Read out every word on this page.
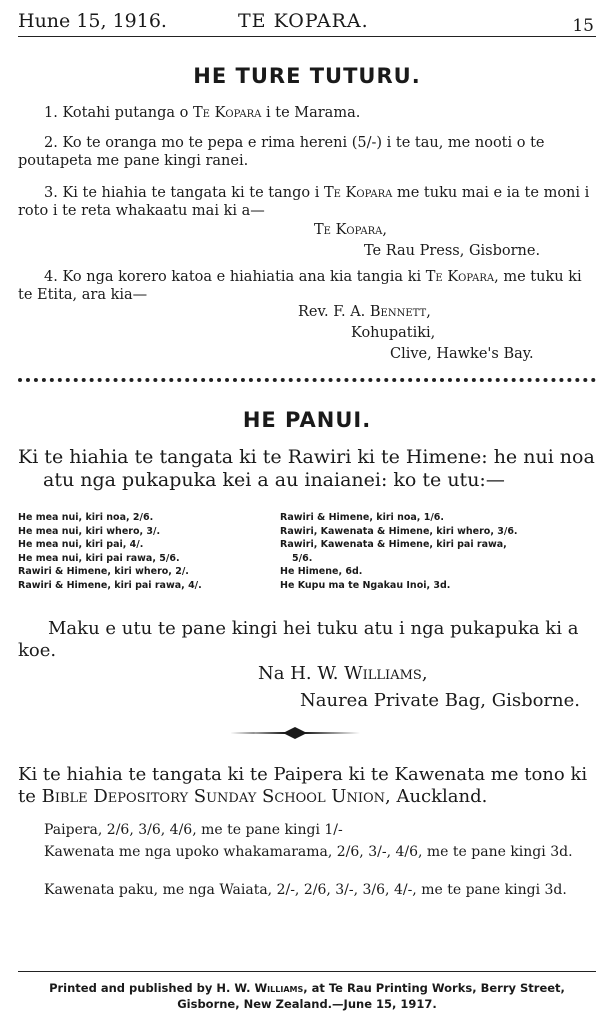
Hune 15, 1916.	TE KOPARA.	15
HE TURE TUTURU.

1. Kotahi putanga o Te Kopara i te Marama.

2. Ko te oranga mo te pepa e rima hereni (5/-) i te tau, me nooti o te poutapeta me pane kingi ranei.

3. Ki te hiahia te tangata ki te tango i Te Kopara me tuku mai e ia te moni i roto i te reta whakaatu mai ki a—

Te Kopara,

Te Rau Press, Gisborne.

4. Ko nga korero katoa e hiahiatia ana kia tangia ki Te Kopara, me tuku ki te Etita, ara kia—

Rev. F. A. Bennett,

Kohupatiki,

Clive, Hawke's Bay.

HE PANUI.

Ki te hiahia te tangata ki te Rawiri ki te Himene: he nui noa atu nga pukapuka kei a au inaianei: ko te utu:—

He mea nui, kiri noa, 2/6.
He mea nui, kiri whero, 3/.
He mea nui, kiri pai, 4/.
He mea nui, kiri pai rawa, 5/6.
Rawiri & Himene, kiri whero, 2/.
Rawiri & Himene, kiri pai rawa, 4/.
Rawiri & Himene, kiri noa, 1/6.
Rawiri, Kawenata & Himene, kiri whero, 3/6.
Rawiri, Kawenata & Himene, kiri pai rawa,
5/6.
He Himene, 6d.
He Kupu ma te Ngakau Inoi, 3d.

Maku e utu te pane kingi hei tuku atu i nga pukapuka ki a koe.

Na H. W. Williams,

Naurea Private Bag, Gisborne.

Ki te hiahia te tangata ki te Paipera ki te Kawenata me tono ki te Bible Depository Sunday School Union, Auckland.

Paipera, 2/6, 3/6, 4/6, me te pane kingi 1/-

Kawenata me nga upoko whakamarama, 2/6, 3/-, 4/6, me te pane kingi 3d.

Kawenata paku, me nga Waiata, 2/-, 2/6, 3/-, 3/6, 4/-, me te pane kingi 3d.

Printed and published by H. W. Williams, at Te Rau Printing Works, Berry Street, Gisborne, New Zealand.—June 15, 1917.
